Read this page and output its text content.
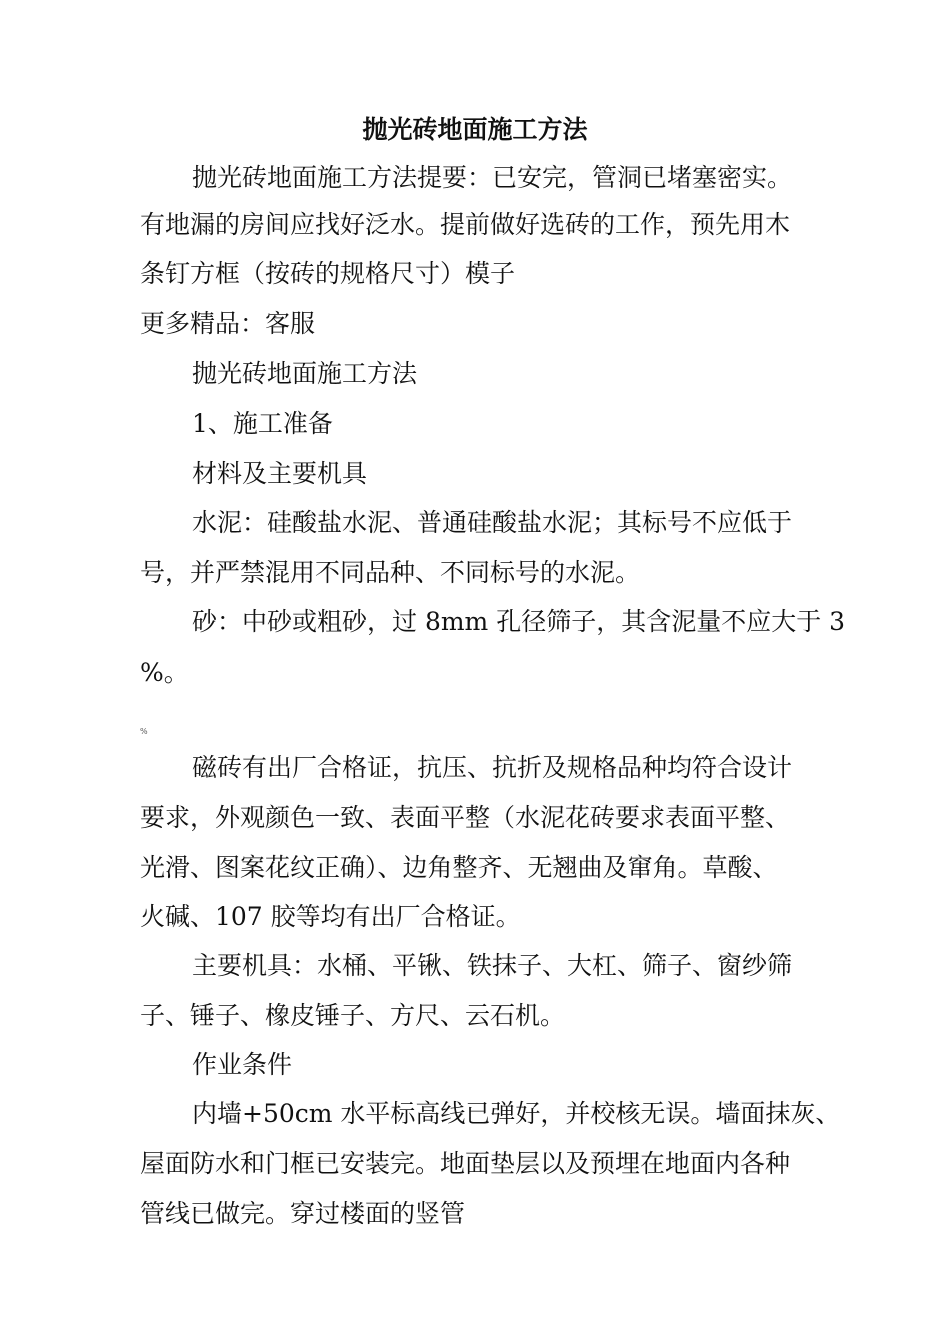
抛光砖地面施工方法
抛光砖地面施工方法提要：已安完，管洞已堵塞密实。
有地漏的房间应找好泛水。提前做好选砖的工作，预先用木
条钉方框（按砖的规格尺寸）模子
更多精品：客服
抛光砖地面施工方法
1、施工准备
材料及主要机具
水泥：硅酸盐水泥、普通硅酸盐水泥；其标号不应低于
号，并严禁混用不同品种、不同标号的水泥。
砂：中砂或粗砂，过 8mm 孔径筛子，其含泥量不应大于 3
%。
%
磁砖有出厂合格证，抗压、抗折及规格品种均符合设计
要求，外观颜色一致、表面平整（水泥花砖要求表面平整、
光滑、图案花纹正确）、边角整齐、无翘曲及窜角。草酸、
火碱、107 胶等均有出厂合格证。
主要机具：水桶、平锹、铁抹子、大杠、筛子、窗纱筛
子、锤子、橡皮锤子、方尺、云石机。
作业条件
内墙+50cm 水平标高线已弹好，并校核无误。墙面抹灰、
屋面防水和门框已安装完。地面垫层以及预埋在地面内各种
管线已做完。穿过楼面的竖管
